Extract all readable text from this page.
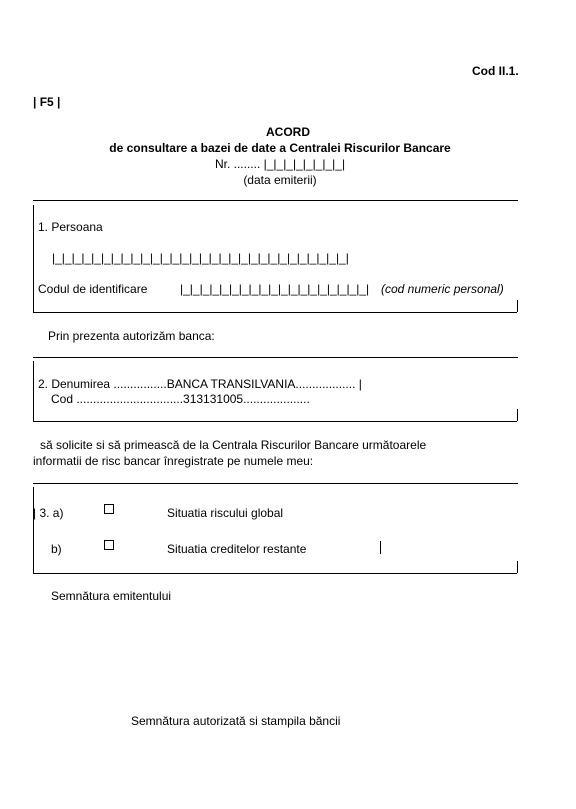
Cod II.1.
| F5 |
ACORD
de consultare a bazei de date a Centralei Riscurilor Bancare
Nr. ........ |_|_|_|_|_|_|_|_|
(data emiterii)
1. Persoana
|_|_|_|_|_|_|_|_|_|_|_|_|_|_|_|_|_|_|_|_|_|_|_|_|_|_|_|_|_|_|
Codul de identificare	|_|_|_|_|_|_|_|_|_|_|_|_|_|_|_|_|_|_|_| (cod numeric personal)
Prin prezenta autorizăm banca:
2. Denumirea ................BANCA TRANSILVANIA.................. |
Cod ................................313131005....................
să solicite si să primească de la Centrala Riscurilor Bancare următoarele
informatii de risc bancar înregistrate pe numele meu:
| 3. a)	Situatia riscului global
b)	Situatia creditelor restante
Semnătura emitentului
Semnătura autorizată si stampila băncii
